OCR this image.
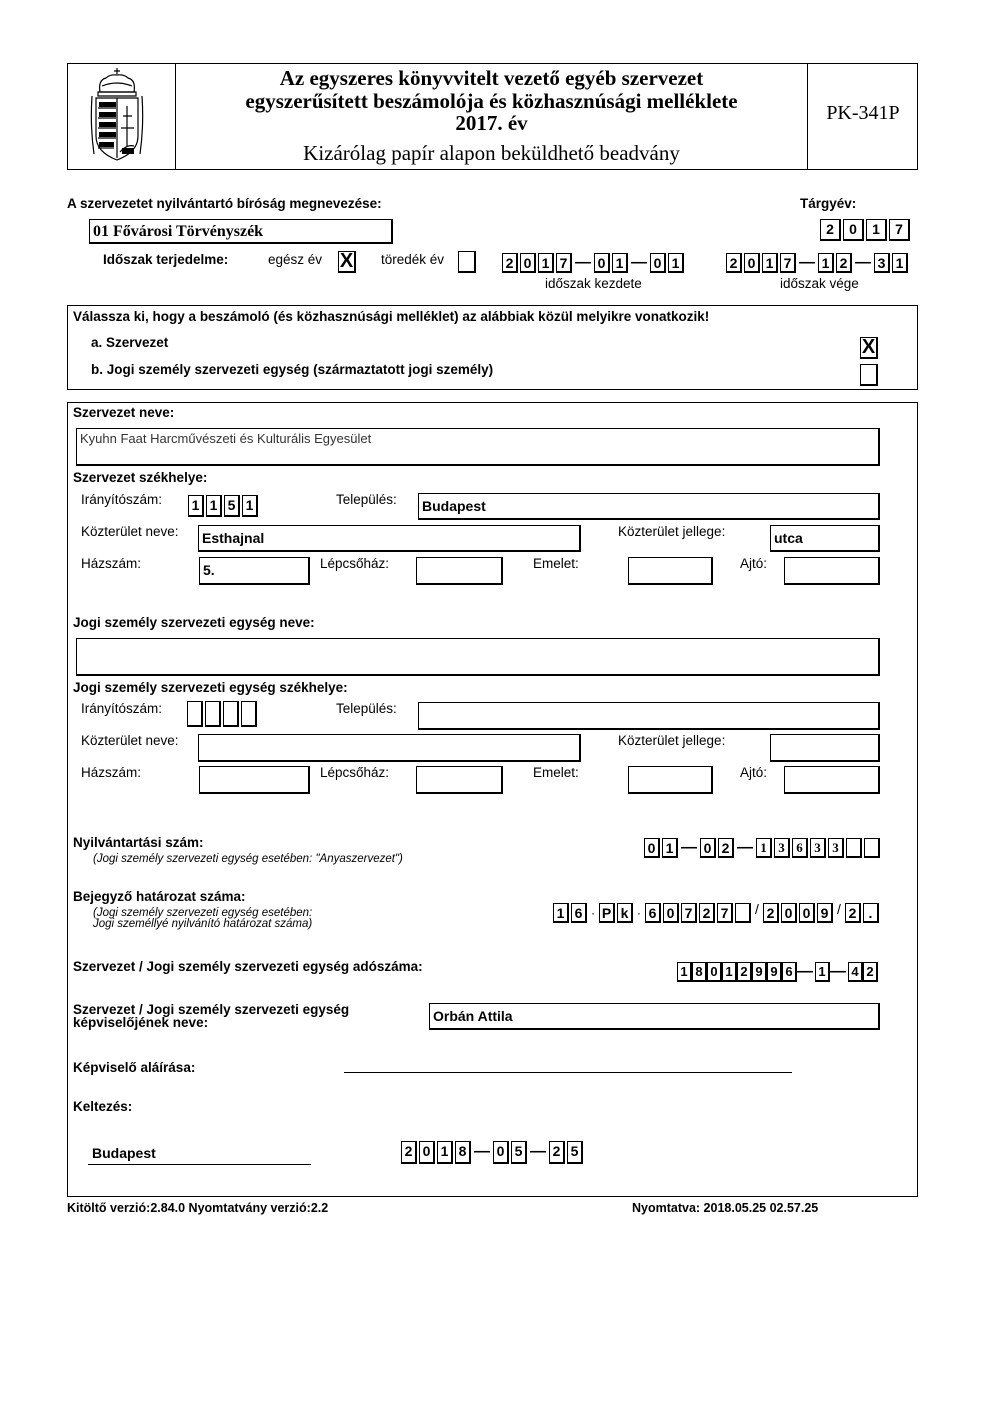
Az egyszeres könyvvitelt vezető egyéb szervezet
egyszerűsített beszámolója és közhasznúsági melléklete
2017. év
Kizárólag papír alapon beküldhető beadvány
PK-341P
A szervezetet nyilvántartó bíróság megnevezése:	Tárgyév:
01 Fővárosi Törvényszék	2	0	1	7
Időszak terjedelme:	egész év X töredék év	2 0 1 7 — 0 1 — 0 1	2 0 1 7 — 1 2 — 3 1
időszak kezdete	időszak vége
Válassza ki, hogy a beszámoló (és közhasznúsági melléklet) az alábbiak közül melyikre vonatkozik!
a. Szervezet	X
b. Jogi személy szervezeti egység (származtatott jogi személy)
Szervezet neve:
Kyuhn Faat Harcművészeti és Kulturális Egyesület
Szervezet székhelye:
Irányítószám: 1 1 5 1	Település: Budapest
Közterület neve: Esthajnal	Közterület jellege:	utca
Házszám:	5.	Lépcsőház:	Emelet:	Ajtó:
Jogi személy szervezeti egység neve:
Jogi személy szervezeti egység székhelye:
Irányítószám:	Település:
Közterület neve:	Közterület jellege:
Házszám:	Lépcsőház:	Emelet:	Ajtó:
Nyilvántartási szám:
(Jogi személy szervezeti egység esetében: "Anyaszervezet")
0 1 — 0 2 — 1 3 6 3 3
Bejegyző határozat száma:
(Jogi személy szervezeti egység esetében:
Jogi személlyé nyilvánító határozat száma)
1 6 · P k · 6 0 7 2 7	/ 2 0 0 9 / 2 .
Szervezet / Jogi személy szervezeti egység adószáma:	1 8 0 1 2 9 9 6 — 1 — 4 2
Szervezet / Jogi személy szervezeti egység
képviselőjének neve:	Orbán Attila
Képviselő aláírása:
Keltezés:
Budapest	2 0 1 8 — 0 5 — 2 5
Kitöltő verzió:2.84.0 Nyomtatvány verzió:2.2	Nyomtatva: 2018.05.25 02.57.25
